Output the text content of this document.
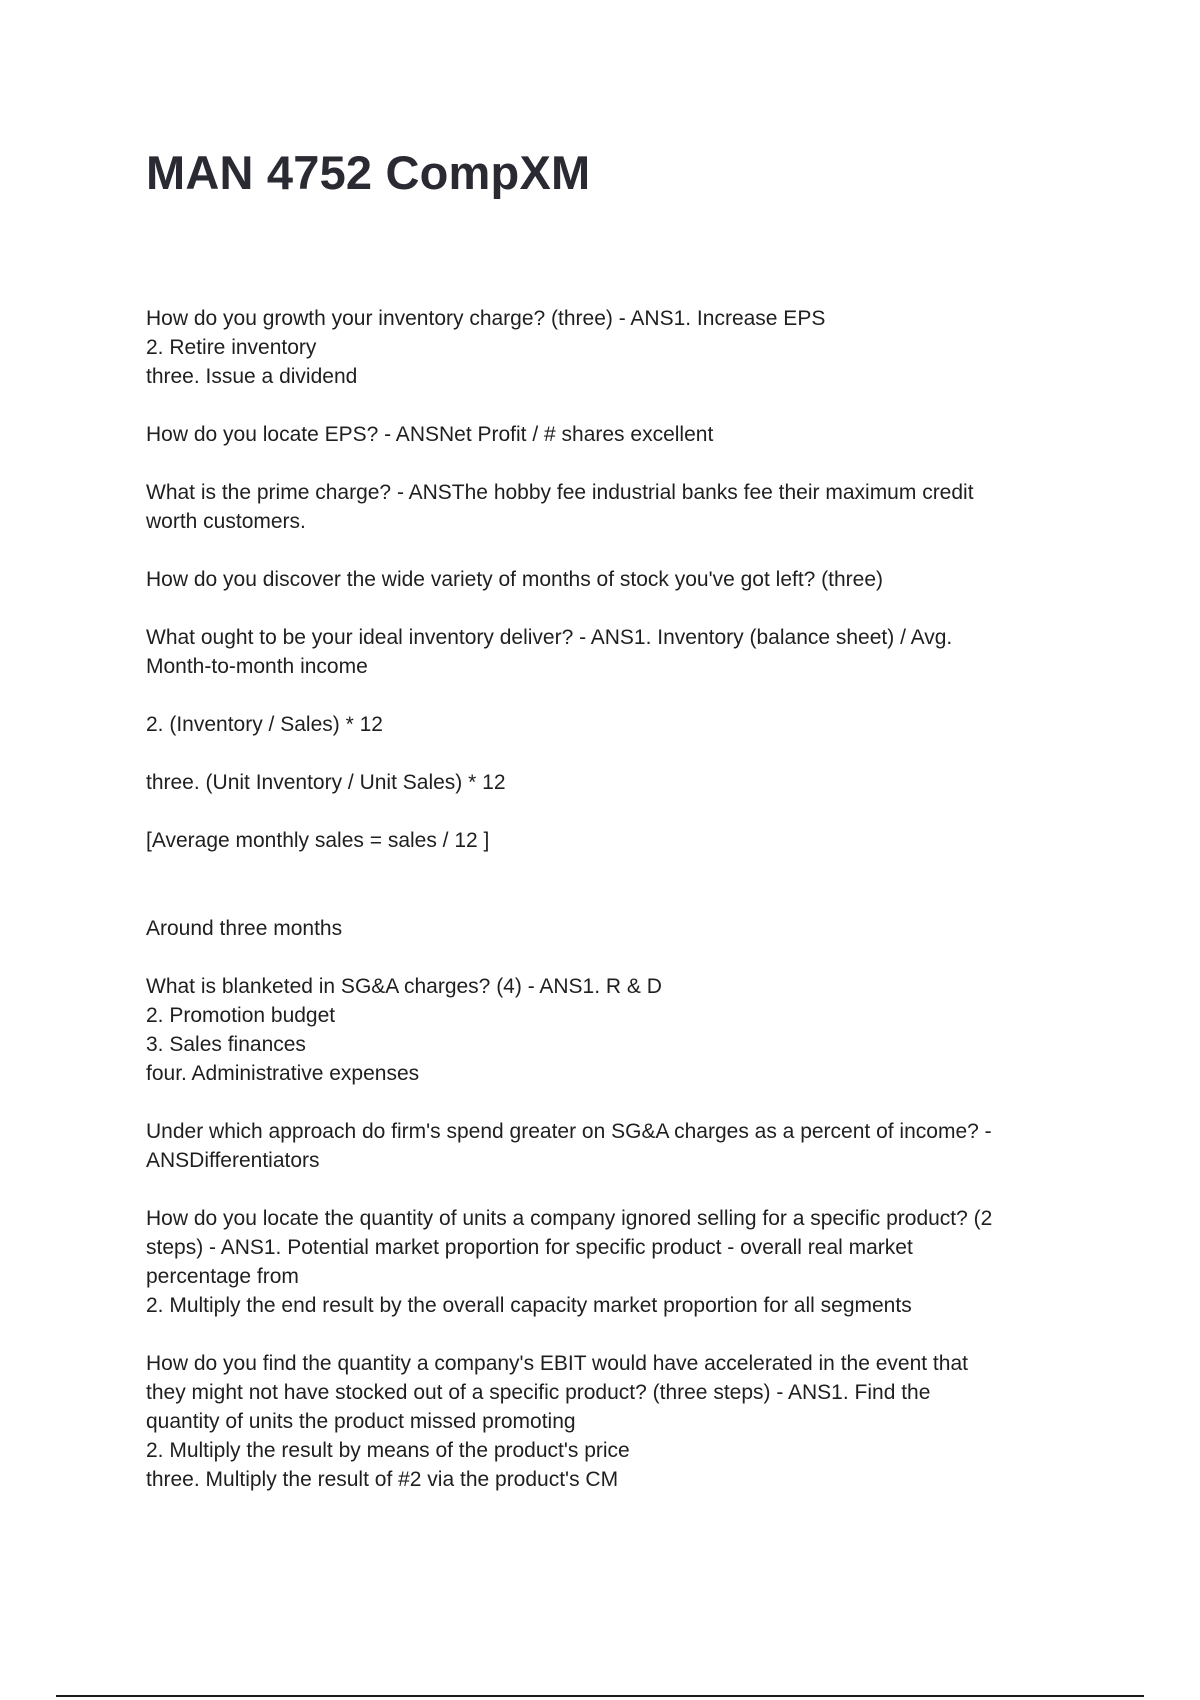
MAN 4752 CompXM
How do you growth your inventory charge? (three) - ANS1. Increase EPS
2. Retire inventory
three. Issue a dividend
How do you locate EPS? - ANSNet Profit / # shares excellent
What is the prime charge? - ANSThe hobby fee industrial banks fee their maximum credit
worth customers.
How do you discover the wide variety of months of stock you've got left? (three)
What ought to be your ideal inventory deliver? - ANS1. Inventory (balance sheet) / Avg.
Month-to-month income
2. (Inventory / Sales) * 12
three. (Unit Inventory / Unit Sales) * 12
[Average monthly sales = sales / 12 ]
Around three months
What is blanketed in SG&A charges? (4) - ANS1. R & D
2. Promotion budget
3. Sales finances
four. Administrative expenses
Under which approach do firm's spend greater on SG&A charges as a percent of income? -
ANSDifferentiators
How do you locate the quantity of units a company ignored selling for a specific product? (2
steps) - ANS1. Potential market proportion for specific product - overall real market
percentage from
2. Multiply the end result by the overall capacity market proportion for all segments
How do you find the quantity a company's EBIT would have accelerated in the event that
they might not have stocked out of a specific product? (three steps) - ANS1. Find the
quantity of units the product missed promoting
2. Multiply the result by means of the product's price
three. Multiply the result of #2 via the product's CM
